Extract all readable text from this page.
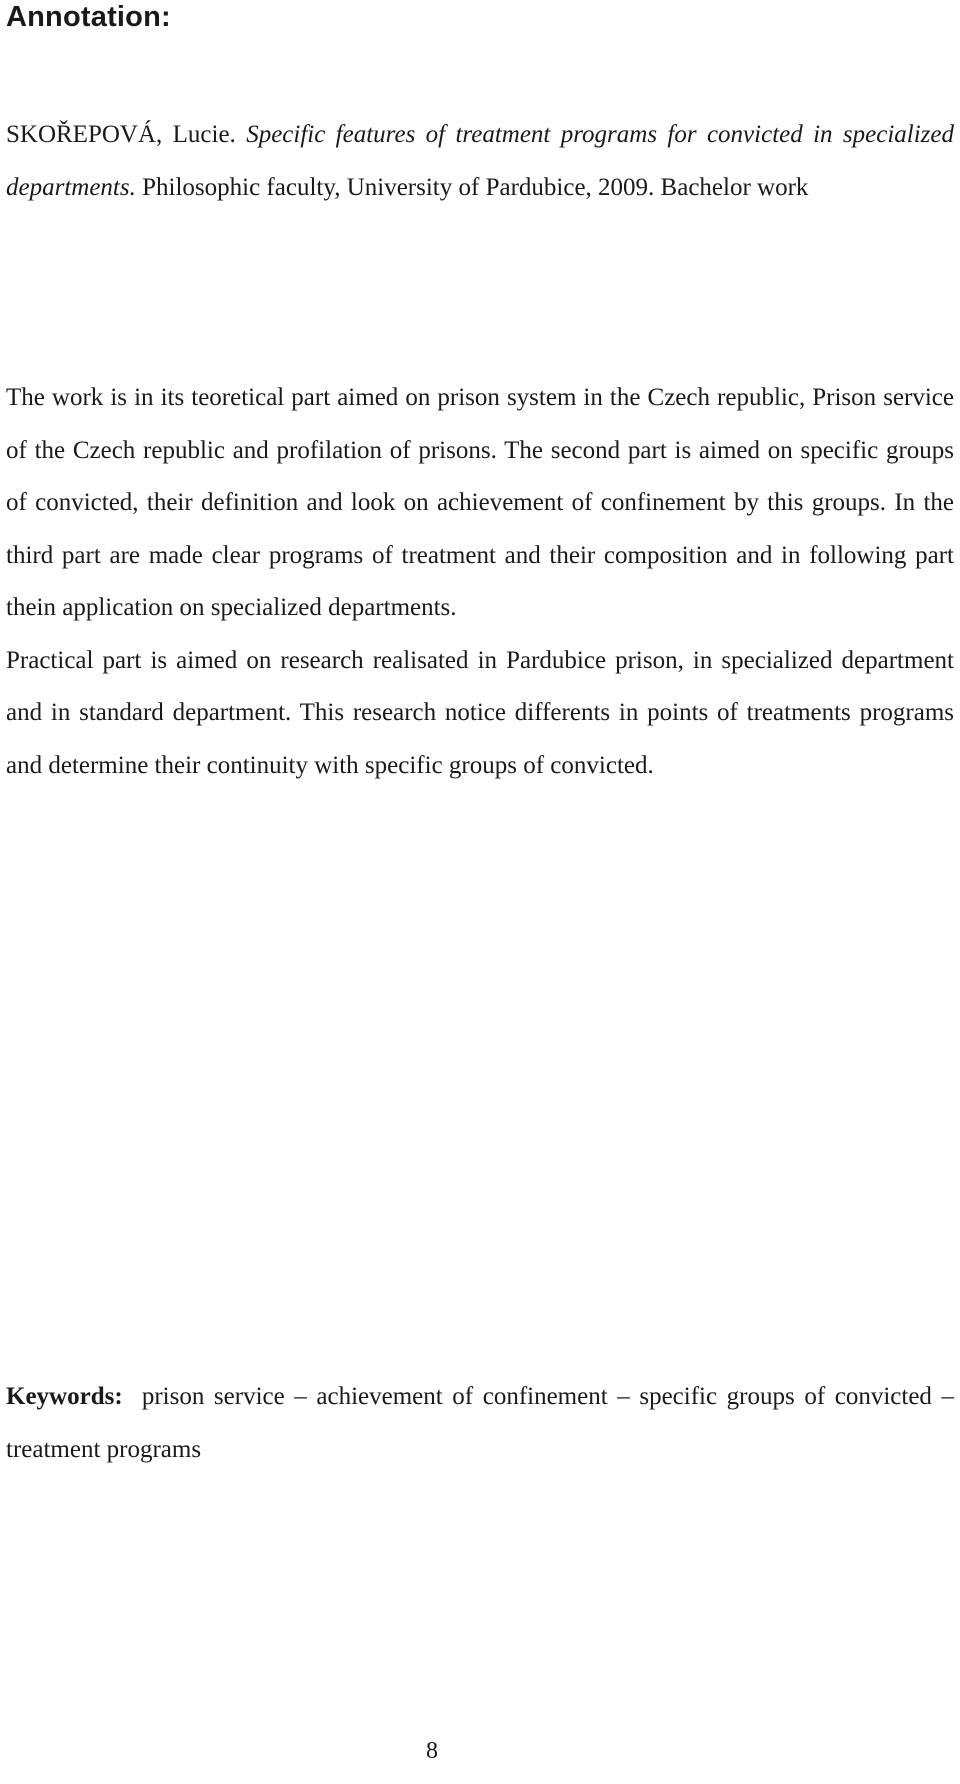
Annotation:

SKOŘEPOVÁ, Lucie. Specific features of treatment programs for convicted in specialized departments. Philosophic faculty, University of Pardubice, 2009. Bachelor work

The work is in its teoretical part aimed on prison system in the Czech republic, Prison service of the Czech republic and profilation of prisons. The second part is aimed on specific groups of convicted, their definition and look on achievement of confinement by this groups. In the third part are made clear programs of treatment and their composition and in following part thein application on specialized departments.

Practical part is aimed on research realisated in Pardubice prison, in specialized department and in standard department. This research notice differents in points of treatments programs and determine their continuity with specific groups of convicted.

Keywords: prison service – achievement of confinement – specific groups of convicted – treatment programs

8
